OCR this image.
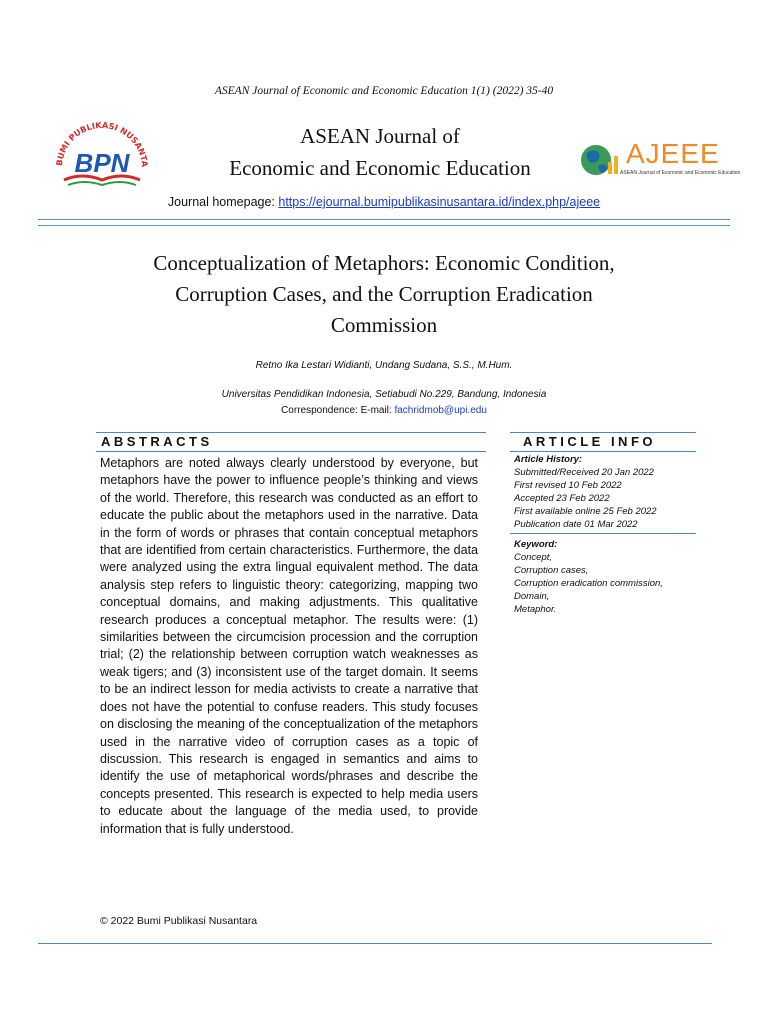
ASEAN Journal of Economic and Economic Education 1(1) (2022) 35-40
BUMI PUBLIKASI NUSANTA
BPN
ASEAN Journal of
Economic and Economic Education	AJEEE
ASEAN Journal of Economic and Economic Education
Journal homepage: https://ejournal.bumipublikasinusantara.id/index.php/ajeee
Conceptualization of Metaphors: Economic Condition,
Corruption Cases, and the Corruption Eradication
Commission
Retno Ika Lestari Widianti, Undang Sudana, S.S., M.Hum.
Universitas Pendidikan Indonesia, Setiabudi No.229, Bandung, Indonesia
Correspondence: E-mail: fachridmob@upi.edu
ABSTRACTS
Metaphors are noted always clearly understood by everyone, but metaphors have the power to influence people’s thinking and views of the world. Therefore, this research was conducted as an effort to educate the public about the metaphors used in the narrative. Data in the form of words or phrases that contain conceptual metaphors that are identified from certain characteristics. Furthermore, the data were analyzed using the extra lingual equivalent method. The data analysis step refers to linguistic theory: categorizing, mapping two conceptual domains, and making adjustments. This qualitative research produces a conceptual metaphor. The results were: (1) similarities between the circumcision procession and the corruption trial; (2) the relationship between corruption watch weaknesses as weak tigers; and (3) inconsistent use of the target domain. It seems to be an indirect lesson for media activists to create a narrative that does not have the potential to confuse readers. This study focuses on disclosing the meaning of the conceptualization of the metaphors used in the narrative video of corruption cases as a topic of discussion. This research is engaged in semantics and aims to identify the use of metaphorical words/phrases and describe the concepts presented. This research is expected to help media users to educate about the language of the media used, to provide information that is fully understood.
ARTICLE INFO
Article History:
Submitted/Received 20 Jan 2022
First revised 10 Feb 2022
Accepted 23 Feb 2022
First available online 25 Feb 2022
Publication date 01 Mar 2022
Keyword:
Concept,
Corruption cases,
Corruption eradication commission,
Domain,
Metaphor.
© 2022 Bumi Publikasi Nusantara
